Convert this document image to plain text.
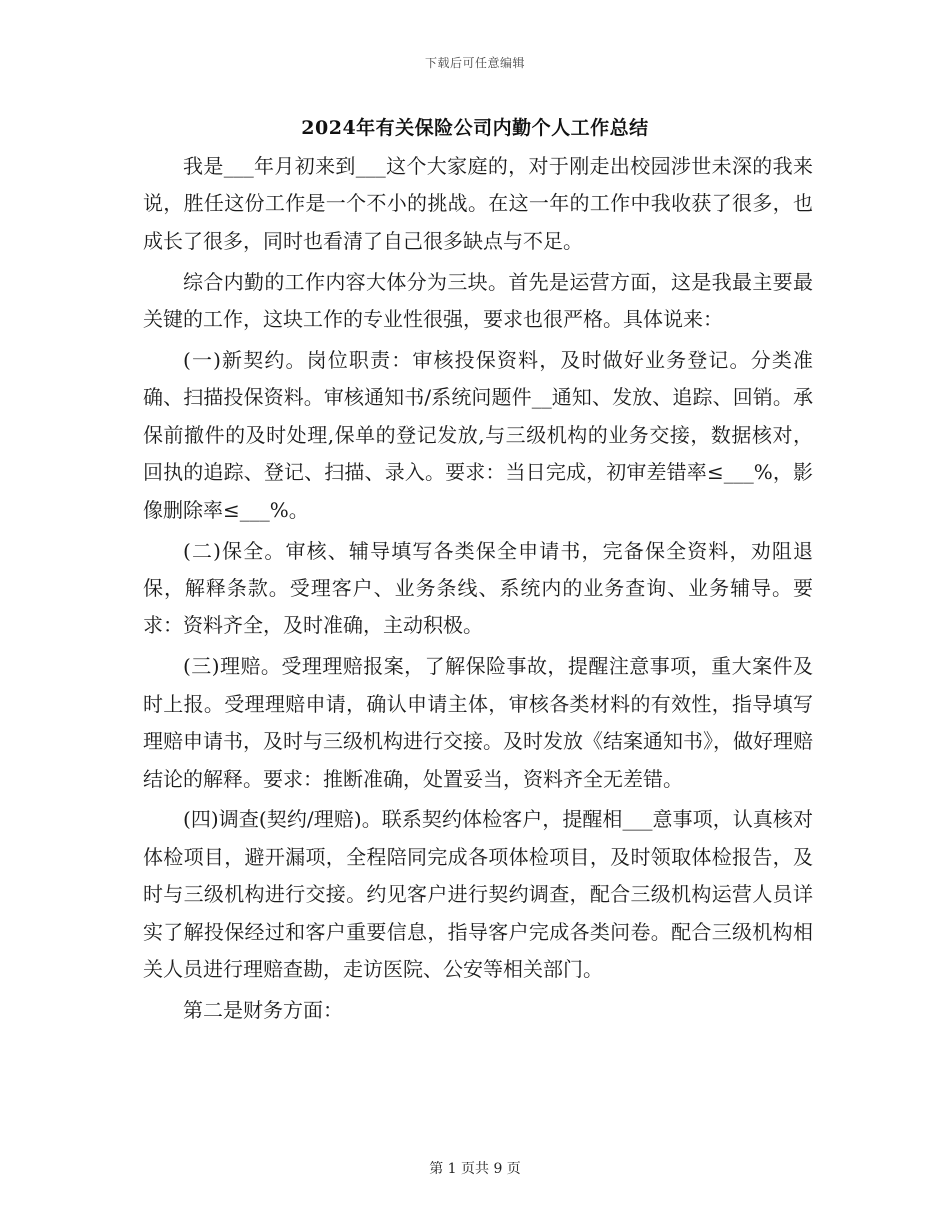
下载后可任意编辑
2024年有关保险公司内勤个人工作总结

我是___年月初来到___这个大家庭的，对于刚走出校园涉世未深的我来说，胜任这份工作是一个不小的挑战。在这一年的工作中我收获了很多，也成长了很多，同时也看清了自己很多缺点与不足。

综合内勤的工作内容大体分为三块。首先是运营方面，这是我最主要最关键的工作，这块工作的专业性很强，要求也很严格。具体说来：

(一)新契约。岗位职责：审核投保资料，及时做好业务登记。分类准确、扫描投保资料。审核通知书/系统问题件__通知、发放、追踪、回销。承保前撤件的及时处理,保单的登记发放,与三级机构的业务交接，数据核对，回执的追踪、登记、扫描、录入。要求：当日完成，初审差错率≤___%，影像删除率≤___%。

(二)保全。审核、辅导填写各类保全申请书，完备保全资料，劝阻退保，解释条款。受理客户、业务条线、系统内的业务查询、业务辅导。要求：资料齐全，及时准确，主动积极。

(三)理赔。受理理赔报案，了解保险事故，提醒注意事项，重大案件及时上报。受理理赔申请，确认申请主体，审核各类材料的有效性，指导填写理赔申请书，及时与三级机构进行交接。及时发放《结案通知书》，做好理赔结论的解释。要求：推断准确，处置妥当，资料齐全无差错。

(四)调查(契约/理赔)。联系契约体检客户，提醒相___意事项，认真核对体检项目，避开漏项，全程陪同完成各项体检项目，及时领取体检报告，及时与三级机构进行交接。约见客户进行契约调查，配合三级机构运营人员详实了解投保经过和客户重要信息，指导客户完成各类问卷。配合三级机构相关人员进行理赔查勘，走访医院、公安等相关部门。

第二是财务方面：

第 1 页共 9 页
